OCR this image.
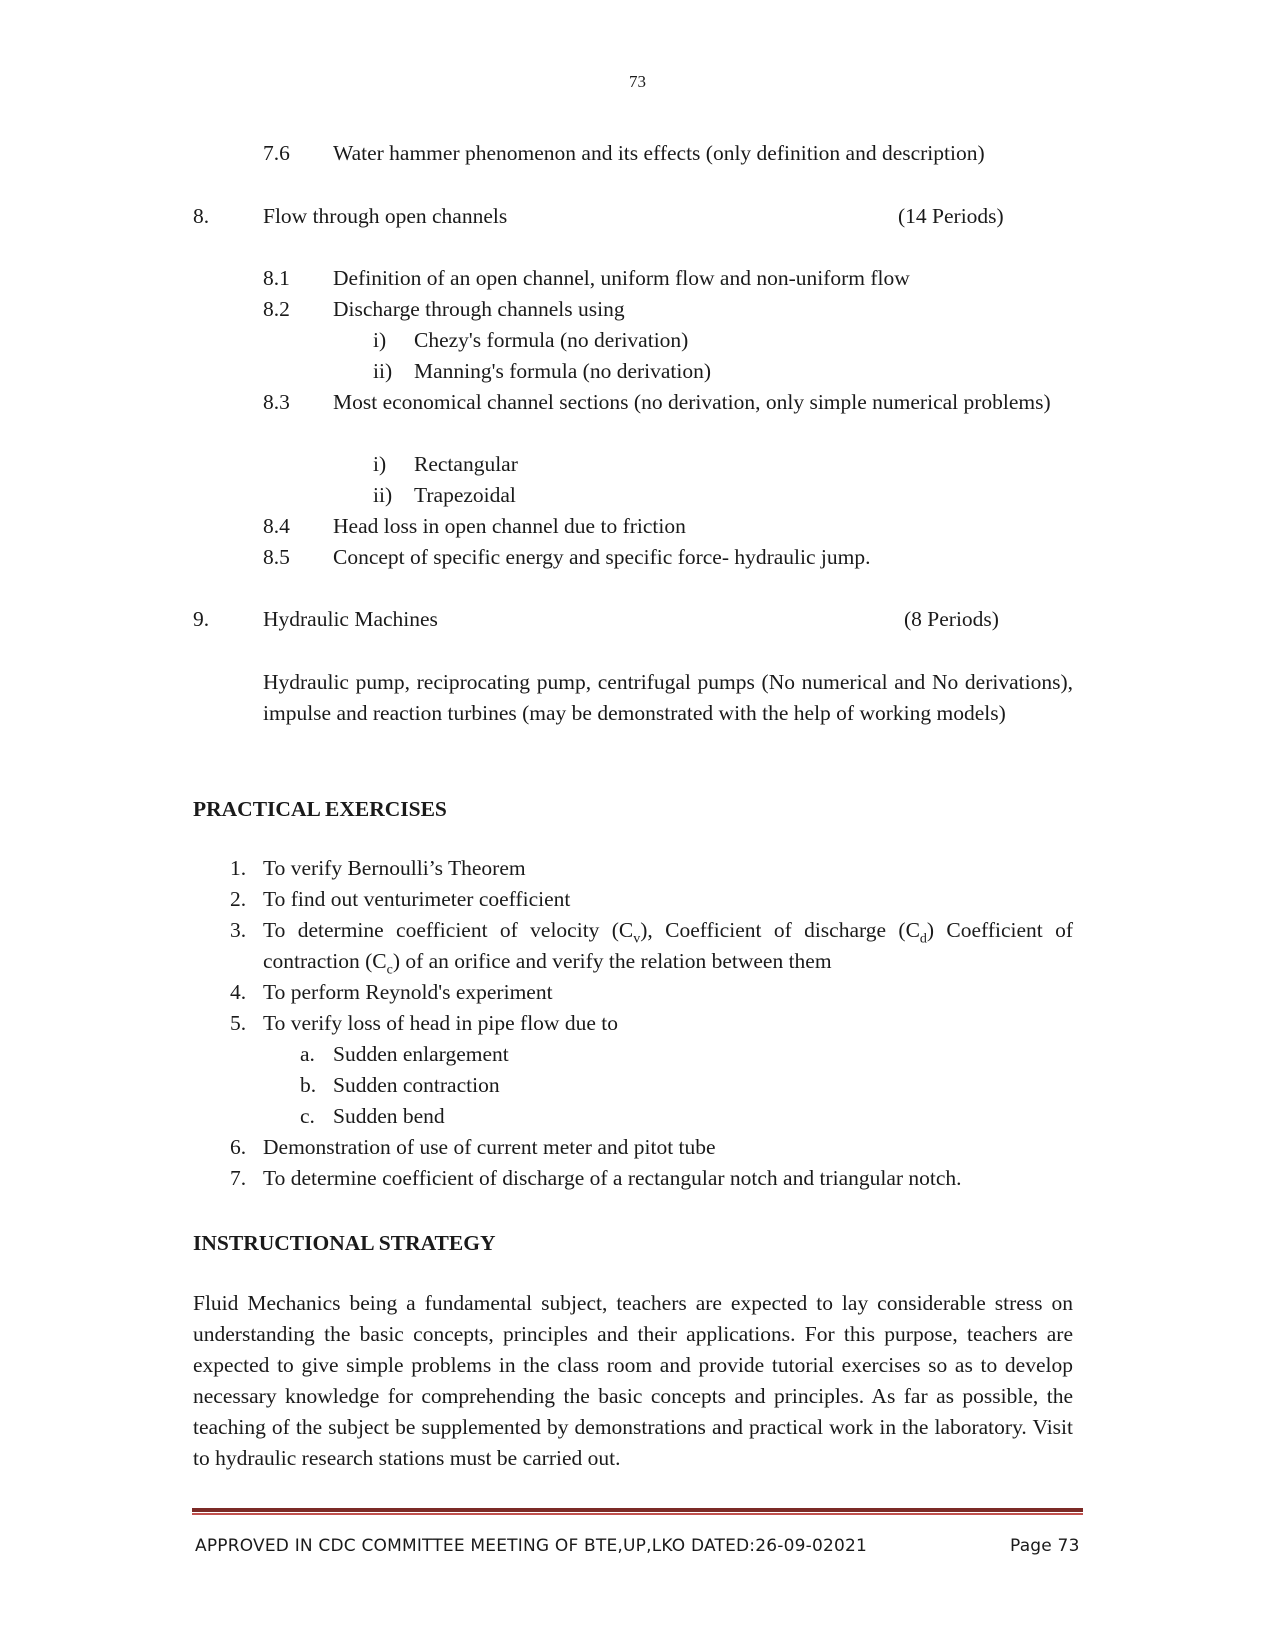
73
7.6 Water hammer phenomenon and its effects (only definition and description)
8.	Flow through open channels	(14 Periods)
8.1 Definition of an open channel, uniform flow and non-uniform flow
8.2 Discharge through channels using
i) Chezy's formula (no derivation)
ii) Manning's formula (no derivation)
8.3 Most economical channel sections (no derivation, only simple numerical problems)
i) Rectangular
ii) Trapezoidal
8.4 Head loss in open channel due to friction
8.5 Concept of specific energy and specific force- hydraulic jump.
9.	Hydraulic Machines	(8 Periods)
Hydraulic pump, reciprocating pump, centrifugal pumps (No numerical and No derivations), impulse and reaction turbines (may be demonstrated with the help of working models)
PRACTICAL EXERCISES
1. To verify Bernoulli’s Theorem
2. To find out venturimeter coefficient
3. To determine coefficient of velocity $(C_v)$, Coefficient of discharge $(C_d)$ Coefficient of
contraction $(C_c)$ of an orifice and verify the relation between them
4. To perform Reynold's experiment
5. To verify loss of head in pipe flow due to
a. Sudden enlargement
b. Sudden contraction
c. Sudden bend
6. Demonstration of use of current meter and pitot tube
7. To determine coefficient of discharge of a rectangular notch and triangular notch.
INSTRUCTIONAL STRATEGY
Fluid Mechanics being a fundamental subject, teachers are expected to lay considerable stress on understanding the basic concepts, principles and their applications. For this purpose, teachers are expected to give simple problems in the class room and provide tutorial exercises so as to develop necessary knowledge for comprehending the basic concepts and principles. As far as possible, the teaching of the subject be supplemented by demonstrations and practical work in the laboratory. Visit to hydraulic research stations must be carried out.
APPROVED IN CDC COMMITTEE MEETING OF BTE,UP,LKO DATED:26-09-02021	Page 73
